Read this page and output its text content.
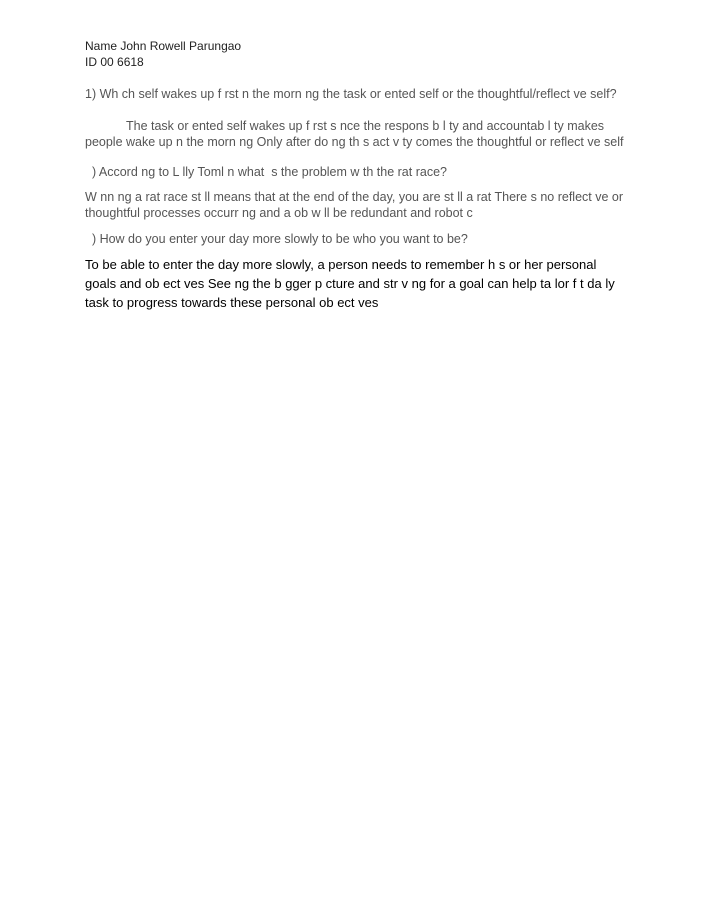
Name John Rowell Parungao
ID 00 6618

1) Wh ch self wakes up f rst n the morn ng the task or ented self or the thoughtful/reflect ve self?

The task or ented self wakes up f rst s nce the respons b l ty and accountab l ty makes people wake up n the morn ng Only after do ng th s act v ty comes the thoughtful or reflect ve self

) Accord ng to L lly Toml n what  s the problem w th the rat race?

W nn ng a rat race st ll means that at the end of the day, you are st ll a rat There s no reflect ve or thoughtful processes occurr ng and a ob w ll be redundant and robot c

) How do you enter your day more slowly to be who you want to be?

To be able to enter the day more slowly, a person needs to remember h s or her personal goals and ob ect ves See ng the b gger p cture and str v ng for a goal can help ta lor f t da ly task to progress towards these personal ob ect ves
